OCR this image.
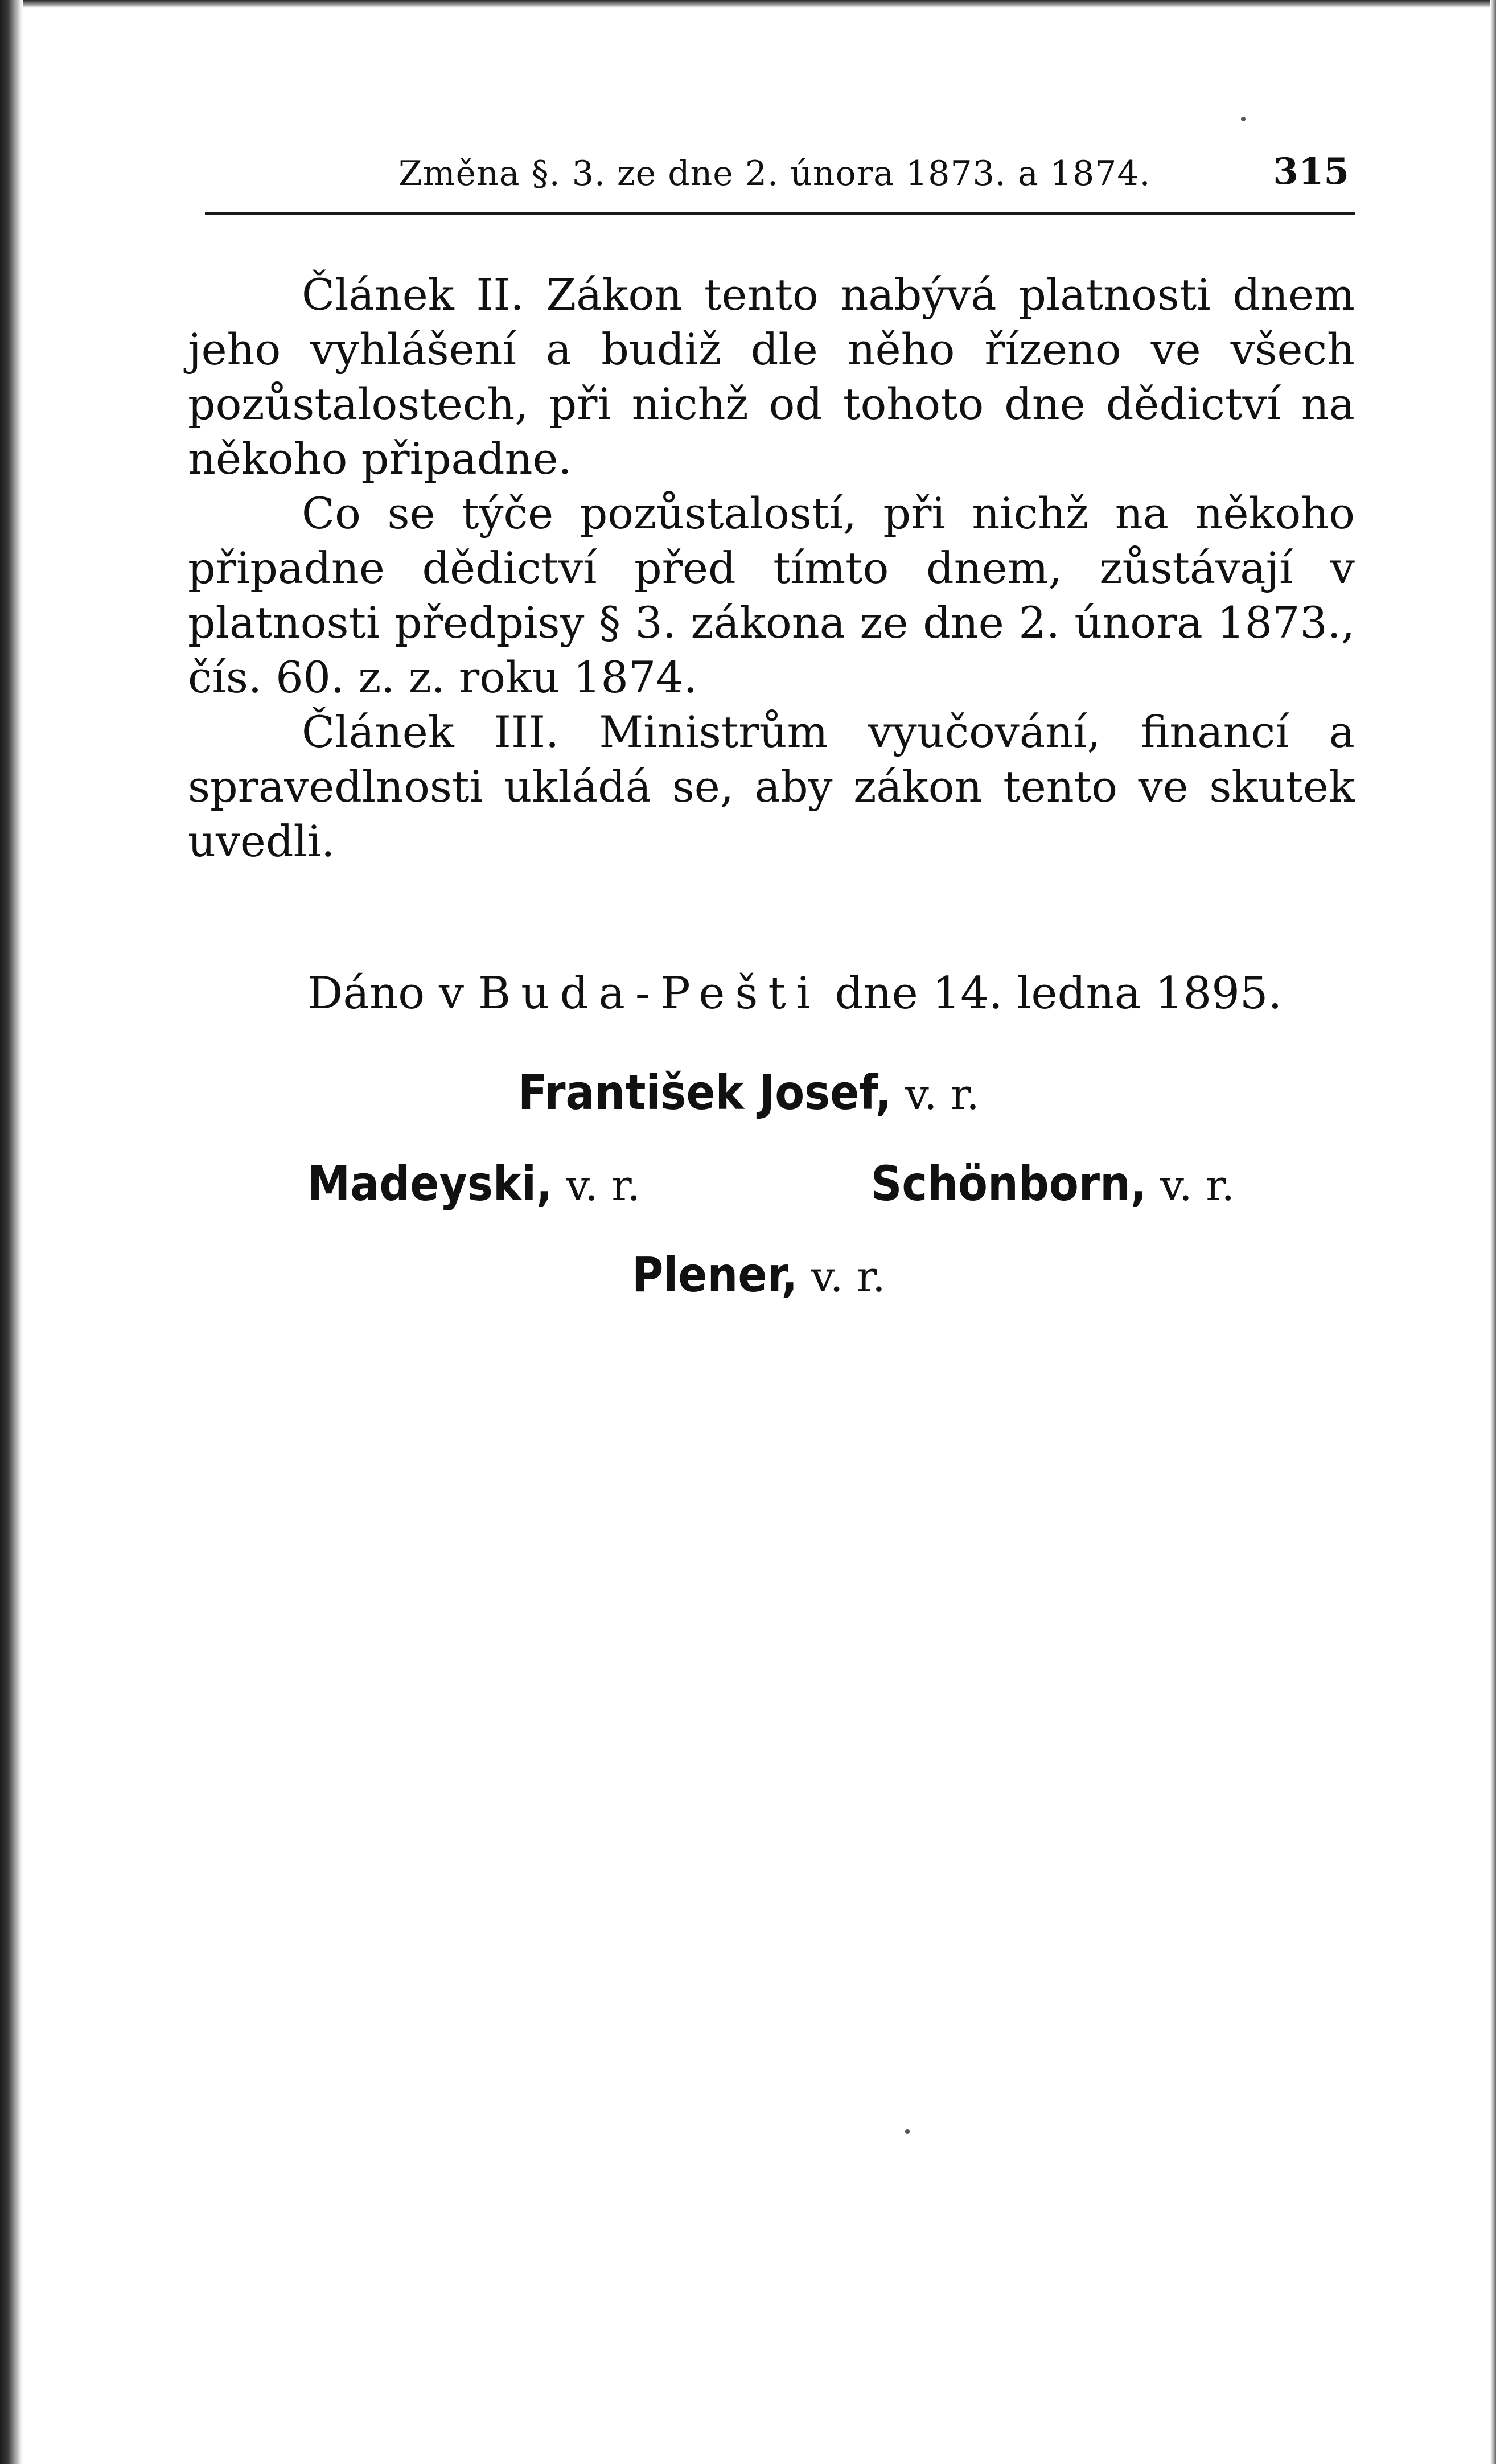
Změna §. 3. ze dne 2. února 1873. a 1874.	315

Článek II. Zákon tento nabývá platnosti dnem jeho vyhlášení a budiž dle něho řízeno ve všech pozůstalostech, při nichž od tohoto dne dědictví na někoho připadne.

Co se týče pozůstalostí, při nichž na někoho připadne dědictví před tímto dnem, zůstávají v platnosti předpisy § 3. zákona ze dne 2. února 1873., čís. 60. z. z. roku 1874.

Článek III. Ministrům vyučování, financí a spravedlnosti ukládá se, aby zákon tento ve skutek uvedli.

Dáno v Buda-Pešti dne 14. ledna 1895.
František Josef, v. r.
Madeyski, v. r.	Schönborn, v. r.
Plener, v. r.
